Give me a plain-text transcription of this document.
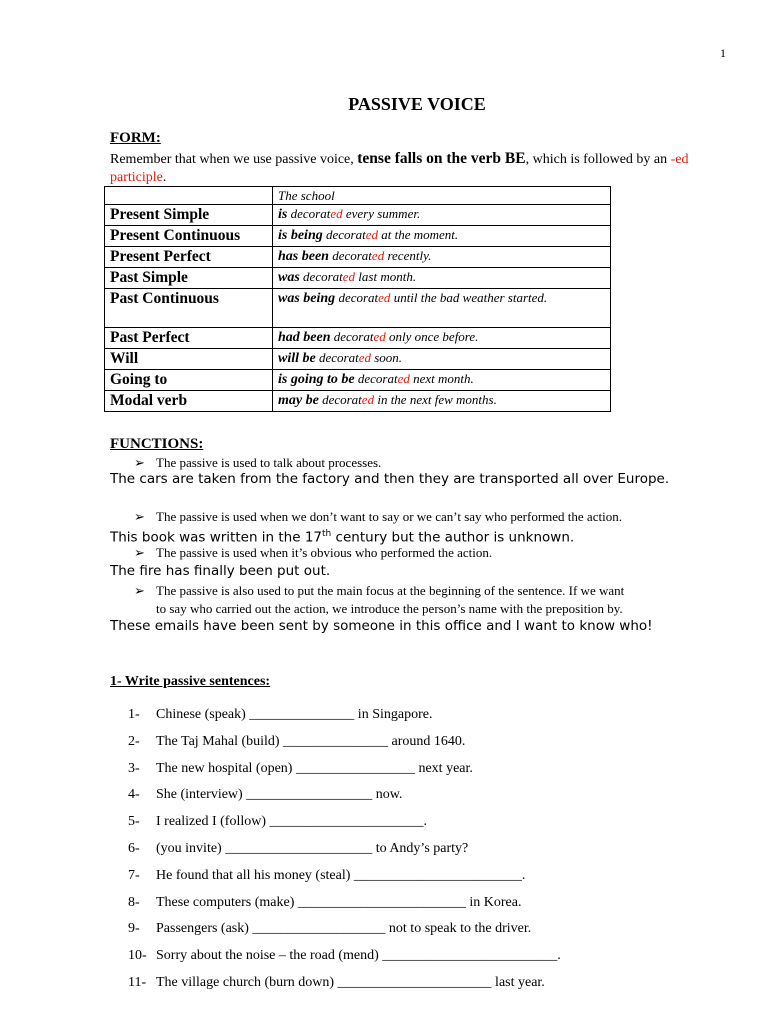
1
PASSIVE VOICE
FORM:
Remember that when we use passive voice, tense falls on the verb BE, which is followed by an -ed participle.
	The school
Present Simple	is decorated every summer.
Present Continuous	is being decorated at the moment.
Present Perfect	has been decorated recently.
Past Simple	was decorated last month.
Past Continuous	was being decorated until the bad weather started.
Past Perfect	had been decorated only once before.
Will	will be decorated soon.
Going to	is going to be decorated next month.
Modal verb	may be decorated in the next few months.
FUNCTIONS:
➢ The passive is used to talk about processes.
The cars are taken from the factory and then they are transported all over Europe.
➢ The passive is used when we don’t want to say or we can’t say who performed the action.
This book was written in the 17th century but the author is unknown.
➢ The passive is used when it’s obvious who performed the action.
The fire has finally been put out.
➢ The passive is also used to put the main focus at the beginning of the sentence. If we want
to say who carried out the action, we introduce the person’s name with the preposition by.
These emails have been sent by someone in this office and I want to know who!
1- Write passive sentences:
1- Chinese (speak) _______________ in Singapore.
2- The Taj Mahal (build) _______________ around 1640.
3- The new hospital (open) _________________ next year.
4- She (interview) __________________ now.
5- I realized I (follow) ______________________.
6- (you invite) _____________________ to Andy’s party?
7- He found that all his money (steal) ________________________.
8- These computers (make) ________________________ in Korea.
9- Passengers (ask) ___________________ not to speak to the driver.
10- Sorry about the noise – the road (mend) _________________________.
11- The village church (burn down) ______________________ last year.
